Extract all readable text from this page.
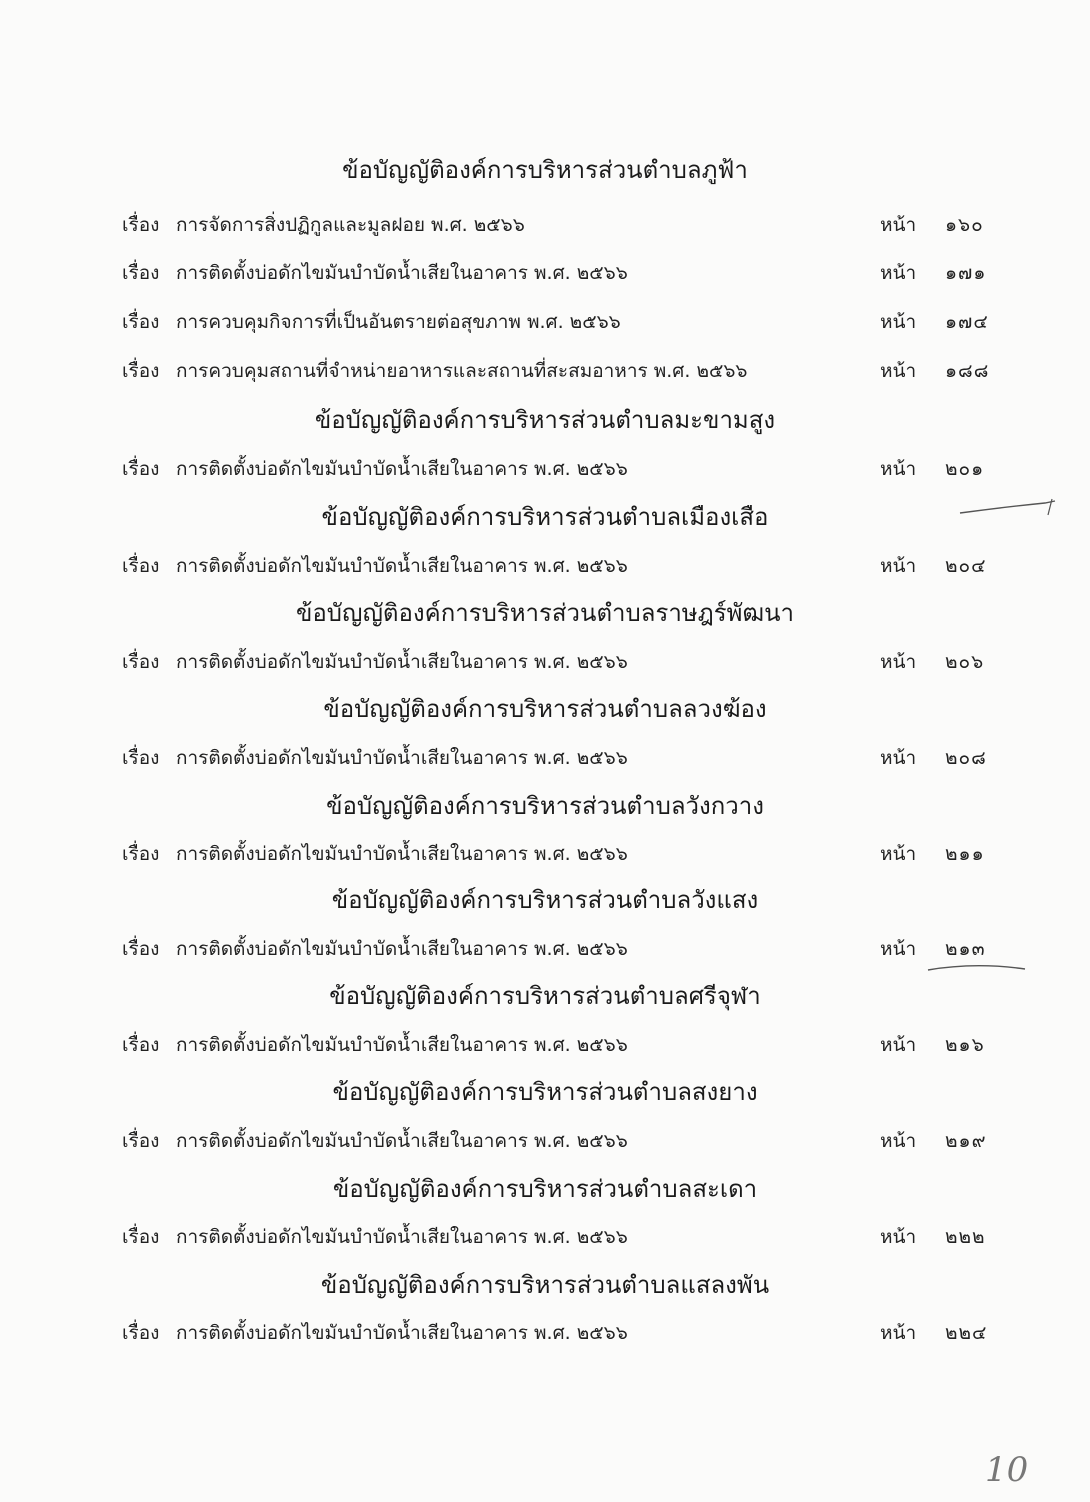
ข้อบัญญัติองค์การบริหารส่วนตำบลภูฟ้า
เรื่อง การจัดการสิ่งปฏิกูลและมูลฝอย พ.ศ. ๒๕๖๖	หน้า ๑๖๐
เรื่อง การติดตั้งบ่อดักไขมันบำบัดน้ำเสียในอาคาร พ.ศ. ๒๕๖๖	หน้า ๑๗๑
เรื่อง การควบคุมกิจการที่เป็นอันตรายต่อสุขภาพ พ.ศ. ๒๕๖๖	หน้า ๑๗๔
เรื่อง การควบคุมสถานที่จำหน่ายอาหารและสถานที่สะสมอาหาร พ.ศ. ๒๕๖๖	หน้า ๑๘๘
ข้อบัญญัติองค์การบริหารส่วนตำบลมะขามสูง
เรื่อง การติดตั้งบ่อดักไขมันบำบัดน้ำเสียในอาคาร พ.ศ. ๒๕๖๖	หน้า ๒๐๑
ข้อบัญญัติองค์การบริหารส่วนตำบลเมืองเสือ
เรื่อง การติดตั้งบ่อดักไขมันบำบัดน้ำเสียในอาคาร พ.ศ. ๒๕๖๖	หน้า ๒๐๔
ข้อบัญญัติองค์การบริหารส่วนตำบลราษฎร์พัฒนา
เรื่อง การติดตั้งบ่อดักไขมันบำบัดน้ำเสียในอาคาร พ.ศ. ๒๕๖๖	หน้า ๒๐๖
ข้อบัญญัติองค์การบริหารส่วนตำบลลวงฆ้อง
เรื่อง การติดตั้งบ่อดักไขมันบำบัดน้ำเสียในอาคาร พ.ศ. ๒๕๖๖	หน้า ๒๐๘
ข้อบัญญัติองค์การบริหารส่วนตำบลวังกวาง
เรื่อง การติดตั้งบ่อดักไขมันบำบัดน้ำเสียในอาคาร พ.ศ. ๒๕๖๖	หน้า ๒๑๑
ข้อบัญญัติองค์การบริหารส่วนตำบลวังแสง
เรื่อง การติดตั้งบ่อดักไขมันบำบัดน้ำเสียในอาคาร พ.ศ. ๒๕๖๖	หน้า ๒๑๓
ข้อบัญญัติองค์การบริหารส่วนตำบลศรีจุฬา
เรื่อง การติดตั้งบ่อดักไขมันบำบัดน้ำเสียในอาคาร พ.ศ. ๒๕๖๖	หน้า ๒๑๖
ข้อบัญญัติองค์การบริหารส่วนตำบลสงยาง
เรื่อง การติดตั้งบ่อดักไขมันบำบัดน้ำเสียในอาคาร พ.ศ. ๒๕๖๖	หน้า ๒๑๙
ข้อบัญญัติองค์การบริหารส่วนตำบลสะเดา
เรื่อง การติดตั้งบ่อดักไขมันบำบัดน้ำเสียในอาคาร พ.ศ. ๒๕๖๖	หน้า ๒๒๒
ข้อบัญญัติองค์การบริหารส่วนตำบลแสลงพัน
เรื่อง การติดตั้งบ่อดักไขมันบำบัดน้ำเสียในอาคาร พ.ศ. ๒๕๖๖	หน้า ๒๒๔
10
